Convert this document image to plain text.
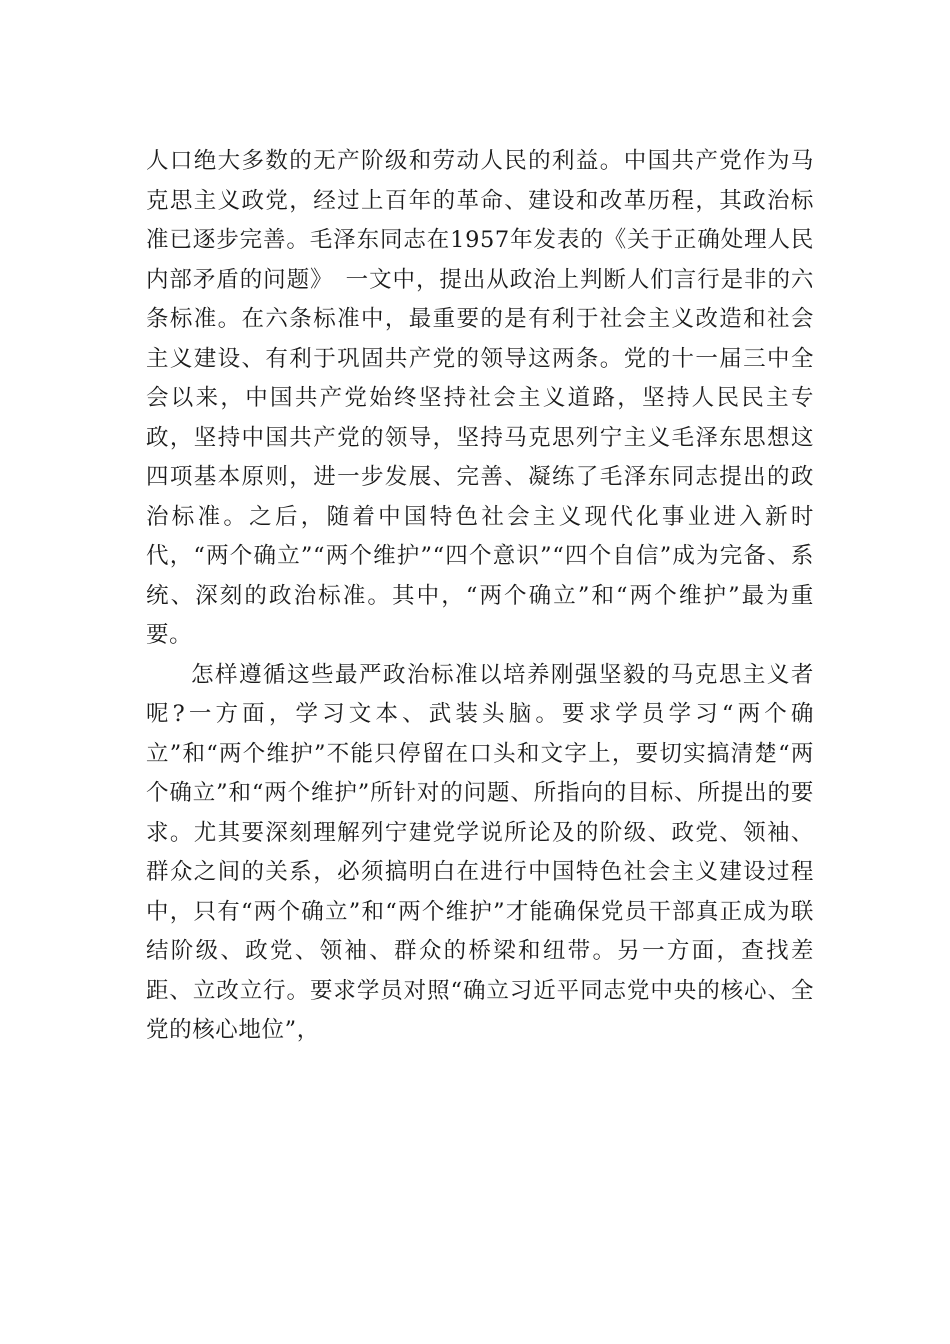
人口绝大多数的无产阶级和劳动人民的利益。中国共产党作为马克思主义政党，经过上百年的革命、建设和改革历程，其政治标准已逐步完善。毛泽东同志在1957年发表的《关于正确处理人民内部矛盾的问题》　一文中，提出从政治上判断人们言行是非的六条标准。在六条标准中，最重要的是有利于社会主义改造和社会主义建设、有利于巩固共产党的领导这两条。党的十一届三中全会以来，中国共产党始终坚持社会主义道路，坚持人民民主专政，坚持中国共产党的领导，坚持马克思列宁主义毛泽东思想这四项基本原则，进一步发展、完善、凝练了毛泽东同志提出的政治标准。之后，随着中国特色社会主义现代化事业进入新时代，“两个确立”“两个维护”“四个意识”“四个自信”成为完备、系统、深刻的政治标准。其中，“两个确立”和“两个维护”最为重要。

怎样遵循这些最严政治标准以培养刚强坚毅的马克思主义者呢?一方面，学习文本、武装头脑。要求学员学习“两个确立”和“两个维护”不能只停留在口头和文字上，要切实搞清楚“两个确立”和“两个维护”所针对的问题、所指向的目标、所提出的要求。尤其要深刻理解列宁建党学说所论及的阶级、政党、领袖、群众之间的关系，必须搞明白在进行中国特色社会主义建设过程中，只有“两个确立”和“两个维护”才能确保党员干部真正成为联结阶级、政党、领袖、群众的桥梁和纽带。另一方面，查找差距、立改立行。要求学员对照“确立习近平同志党中央的核心、全党的核心地位”，
